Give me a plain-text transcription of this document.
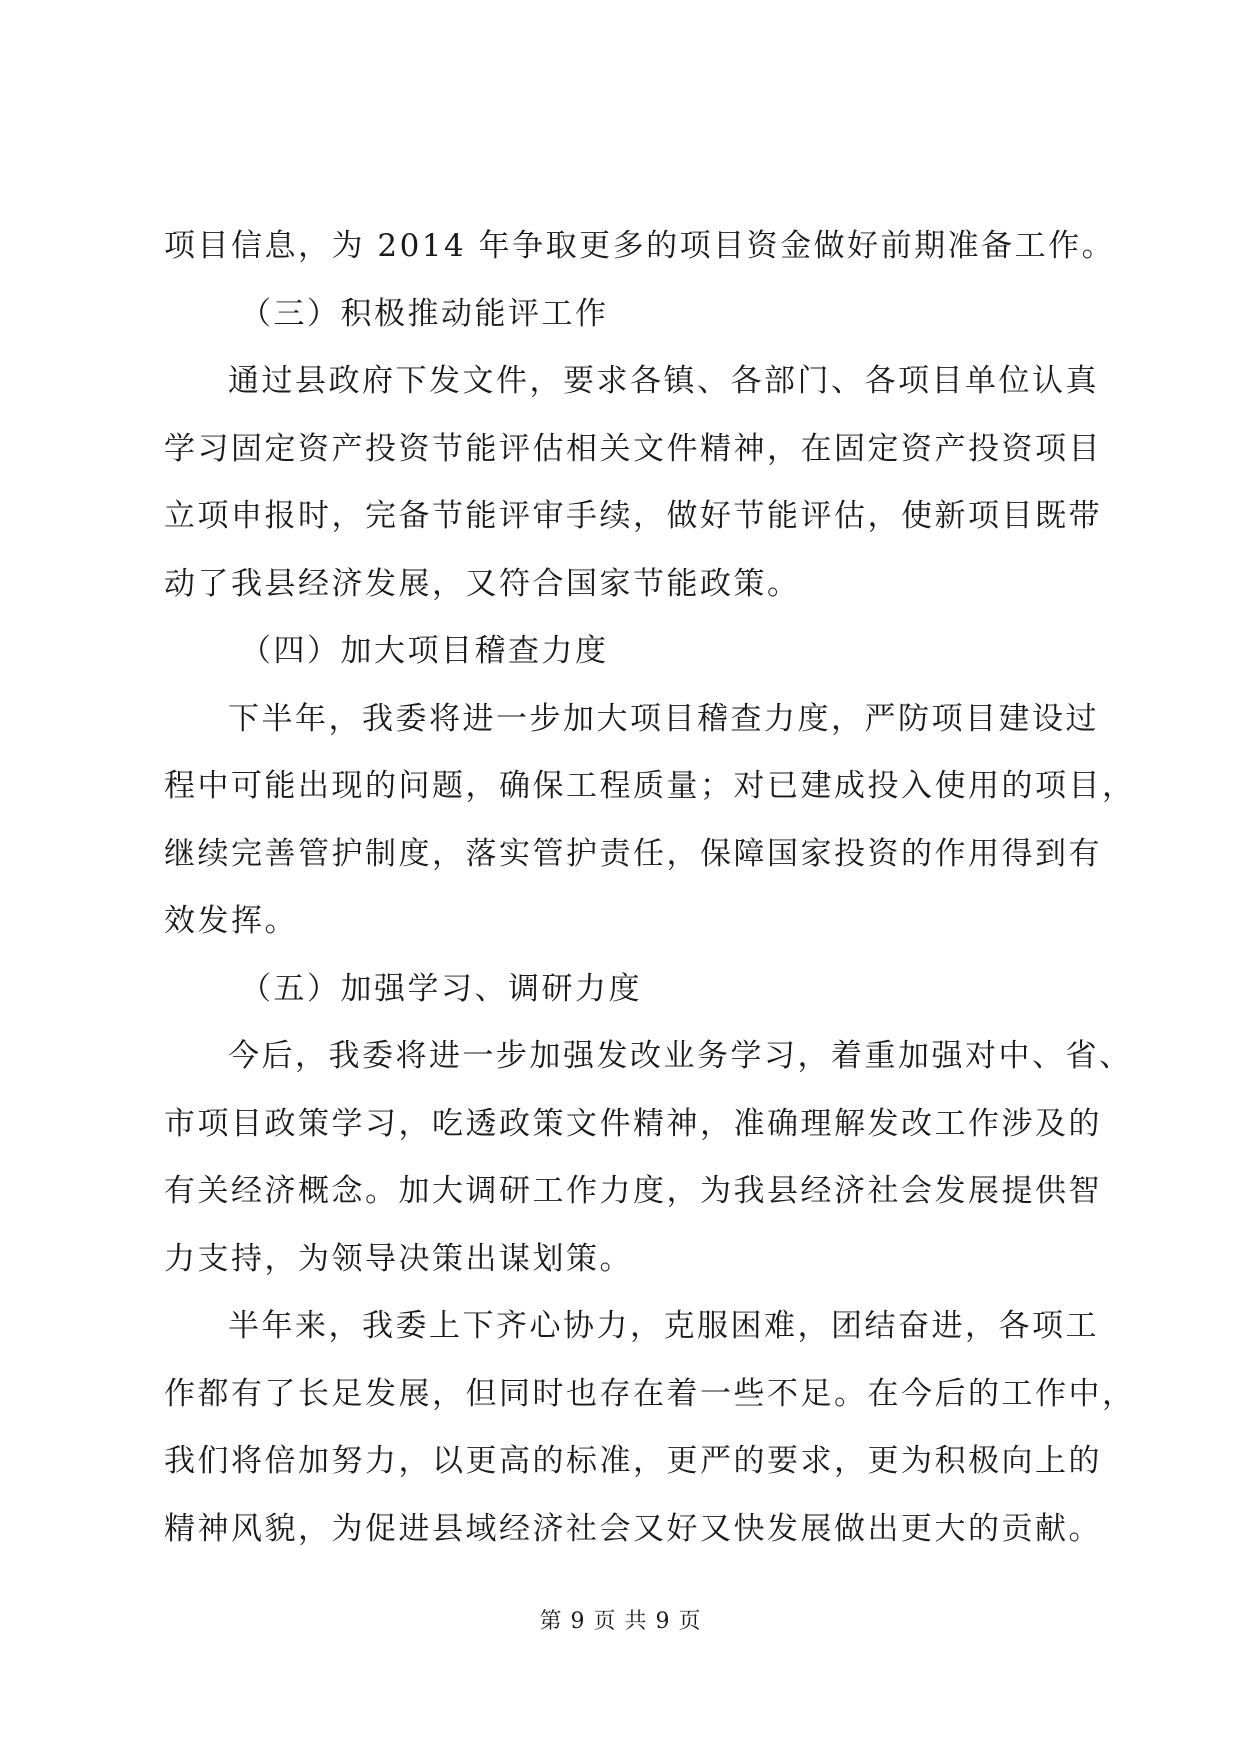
项目信息，为 2014 年争取更多的项目资金做好前期准备工作。
（三）积极推动能评工作
通过县政府下发文件，要求各镇、各部门、各项目单位认真
学习固定资产投资节能评估相关文件精神，在固定资产投资项目
立项申报时，完备节能评审手续，做好节能评估，使新项目既带
动了我县经济发展，又符合国家节能政策。
（四）加大项目稽查力度
下半年，我委将进一步加大项目稽查力度，严防项目建设过
程中可能出现的问题，确保工程质量；对已建成投入使用的项目，
继续完善管护制度，落实管护责任，保障国家投资的作用得到有
效发挥。
（五）加强学习、调研力度
今后，我委将进一步加强发改业务学习，着重加强对中、省、
市项目政策学习，吃透政策文件精神，准确理解发改工作涉及的
有关经济概念。加大调研工作力度，为我县经济社会发展提供智
力支持，为领导决策出谋划策。
半年来，我委上下齐心协力，克服困难，团结奋进，各项工
作都有了长足发展，但同时也存在着一些不足。在今后的工作中，
我们将倍加努力，以更高的标准，更严的要求，更为积极向上的
精神风貌，为促进县域经济社会又好又快发展做出更大的贡献。
第 9 页 共 9 页
